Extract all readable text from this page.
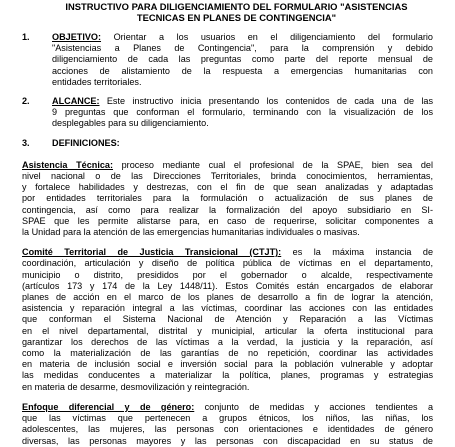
INSTRUCTIVO PARA DILIGENCIAMIENTO DEL FORMULARIO "ASISTENCIAS
TECNICAS EN PLANES DE CONTINGENCIA"
1.	OBJETIVO: Orientar a los usuarios en el diligenciamiento del formulario
"Asistencias a Planes de Contingencia", para la comprensión y debido
diligenciamiento de cada las preguntas como parte del reporte mensual de
acciones de alistamiento de la respuesta a emergencias humanitarias con
entidades territoriales.
2.	ALCANCE: Este instructivo inicia presentando los contenidos de cada una de las
9 preguntas que conforman el formulario, terminando con la visualización de los
desplegables para su diligenciamiento.
3.	DEFINICIONES:
Asistencia Técnica: proceso mediante cual el profesional de la SPAE, bien sea del
nivel nacional o de las Direcciones Territoriales, brinda conocimientos, herramientas,
y fortalece habilidades y destrezas, con el fin de que sean analizadas y adaptadas
por entidades territoriales para la formulación o actualización de sus planes de
contingencia, así como para realizar la formalización del apoyo subsidiario en SI-
SPAE que les permite alistarse para, en caso de requerirse, solicitar componentes a
la Unidad para la atención de las emergencias humanitarias individuales o masivas.
Comité Territorial de Justicia Transicional (CTJT): es la máxima instancia de
coordinación, articulación y diseño de política pública de víctimas en el departamento,
municipio o distrito, presididos por el gobernador o alcalde, respectivamente
(artículos 173 y 174 de la Ley 1448/11). Estos Comités están encargados de elaborar
planes de acción en el marco de los planes de desarrollo a fin de lograr la atención,
asistencia y reparación integral a las víctimas, coordinar las acciones con las entidades
que conforman el Sistema Nacional de Atención y Reparación a las Víctimas
en el nivel departamental, distrital y municipial, articular la oferta institucional para
garantizar los derechos de las víctimas a la verdad, la justicia y la reparación, así
como la materialización de las garantías de no repetición, coordinar las actividades
en materia de inclusión social e inversión social para la población vulnerable y adoptar
las medidas conducentes a materializar la política, planes, programas y estrategias
en materia de desarme, desmovilización y reintegración.
Enfoque diferencial y de género: conjunto de medidas y acciones tendientes a
que las víctimas que pertenecen a grupos étnicos, los niños, las niñas, los
adolescentes, las mujeres, las personas con orientaciones e identidades de género
diversas, las personas mayores y las personas con discapacidad en su status de
